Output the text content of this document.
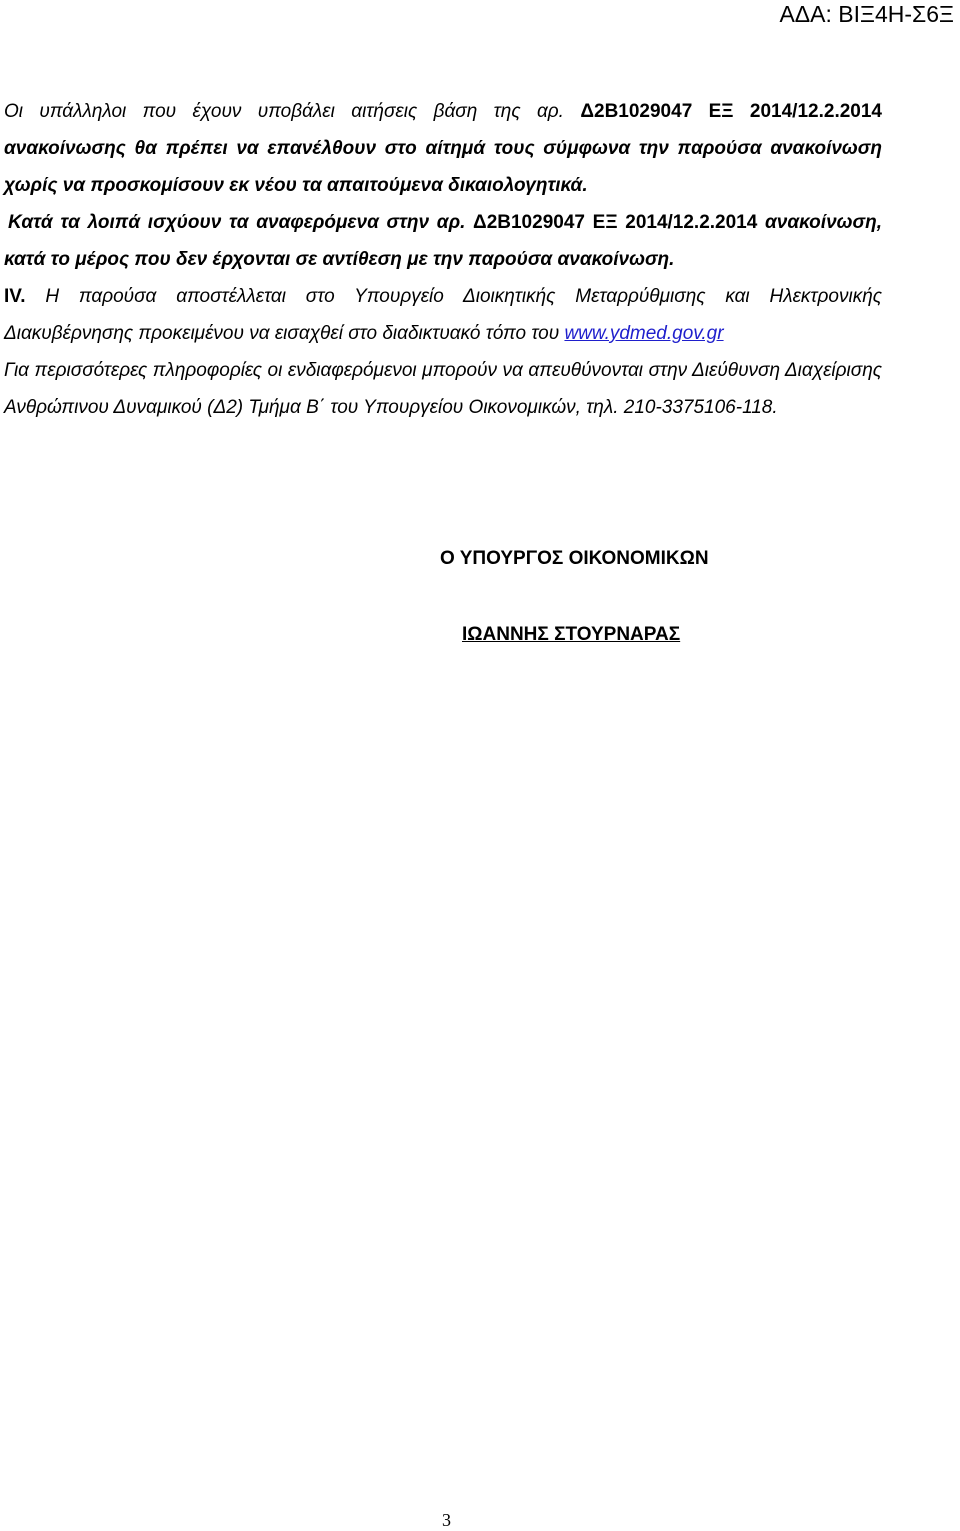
ΑΔΑ: ΒΙΞ4Η-Σ6Ξ

Οι υπάλληλοι που έχουν υποβάλει αιτήσεις βάση της αρ. Δ2Β1029047 ΕΞ 2014/12.2.2014 ανακοίνωσης θα πρέπει να επανέλθουν στο αίτημά τους σύμφωνα την παρούσα ανακοίνωση χωρίς να προσκομίσουν εκ νέου τα απαιτούμενα δικαιολογητικά.

Κατά τα λοιπά ισχύουν τα αναφερόμενα στην αρ. Δ2Β1029047 ΕΞ 2014/12.2.2014 ανακοίνωση, κατά το μέρος που δεν έρχονται σε αντίθεση με την παρούσα ανακοίνωση.

IV. Η παρούσα αποστέλλεται στο Υπουργείο Διοικητικής Μεταρρύθμισης και Ηλεκτρονικής Διακυβέρνησης προκειμένου να εισαχθεί στο διαδικτυακό τόπο του www.ydmed.gov.gr

Για περισσότερες πληροφορίες οι ενδιαφερόμενοι μπορούν να απευθύνονται στην Διεύθυνση Διαχείρισης Ανθρώπινου Δυναμικού (Δ2) Τμήμα Β΄ του Υπουργείου Οικονομικών, τηλ. 210-3375106-118.

Ο ΥΠΟΥΡΓΟΣ ΟΙΚΟΝΟΜΙΚΩΝ
ΙΩΑΝΝΗΣ ΣΤΟΥΡΝΑΡΑΣ
3
